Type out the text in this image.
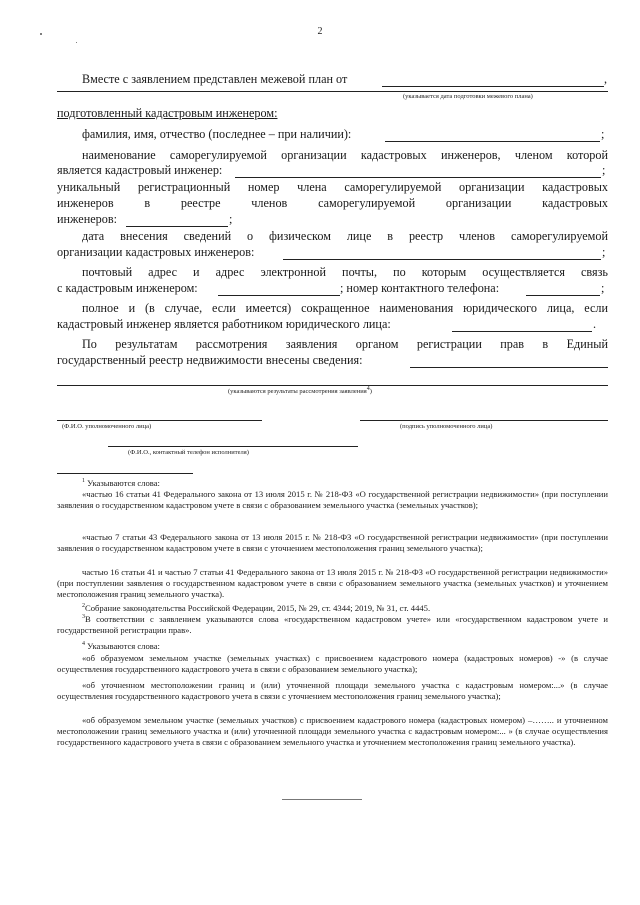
2
Вместе с заявлением представлен межевой план от	,
(указывается дата подготовки межевого плана)
подготовленный кадастровым инженером:
фамилия, имя, отчество (последнее – при наличии):	;
наименование саморегулируемой организации кадастровых инженеров, членом которой
является кадастровый инженер:	;
уникальный регистрационный номер члена саморегулируемой организации кадастровых
инженеров в реестре членов саморегулируемой организации кадастровых
инженеров:	;
дата внесения сведений о физическом лице в реестр членов саморегулируемой
организации кадастровых инженеров:	;
почтовый адрес и адрес электронной почты, по которым осуществляется связь
с кадастровым инженером:	; номер контактного телефона:	;
полное и (в случае, если имеется) сокращенное наименования юридического лица, если
кадастровый инженер является работником юридического лица:	.
По результатам рассмотрения заявления органом регистрации прав в Единый
государственный реестр недвижимости внесены сведения:
(указываются результаты рассмотрения заявления$^4$)
(Ф.И.О. уполномоченного лица)	(подпись уполномоченного лица)
(Ф.И.О., контактный телефон исполнителя)
$^1$ Указываются слова:
«частью 16 статьи 41 Федерального закона от 13 июля 2015 г. № 218-ФЗ «О государственной регистрации недвижимости» (при поступлении заявления о государственном кадастровом учете в связи с образованием земельного участка (земельных участков);
«частью 7 статьи 43 Федерального закона от 13 июля 2015 г. № 218-ФЗ «О государственной регистрации недвижимости» (при поступлении заявления о государственном кадастровом учете в связи с уточнением местоположения границ земельного участка);
частью 16 статьи 41 и частью 7 статьи 41 Федерального закона от 13 июля 2015 г. № 218-ФЗ «О государственной регистрации недвижимости» (при поступлении заявления о государственном кадастровом учете в связи с образованием земельного участка (земельных участков) и уточнением местоположения границ земельного участка).
$^2$Собрание законодательства Российской Федерации, 2015, № 29, ст. 4344; 2019, № 31, ст. 4445.
$^3$В соответствии с заявлением указываются слова «государственном кадастровом учете» или «государственном кадастровом учете и государственной регистрации прав».
$^4$ Указываются слова:
«об образуемом земельном участке (земельных участках) с присвоением кадастрового номера (кадастровых номеров) -» (в случае осуществления государственного кадастрового учета в связи с образованием земельного участка);
«об уточненном местоположении границ и (или) уточненной площади земельного участка с кадастровым номером:...» (в случае осуществления государственного кадастрового учета в связи с уточнением местоположения границ земельного участка);
«об образуемом земельном участке (земельных участков) с присвоением кадастрового номера (кадастровых номером) –…….. и уточненном местоположении границ земельного участка и (или) уточненной площади земельного участка с кадастровым номером:... » (в случае осуществления государственного кадастрового учета в связи с образованием земельного участка и уточнением местоположения границ земельного участка).
